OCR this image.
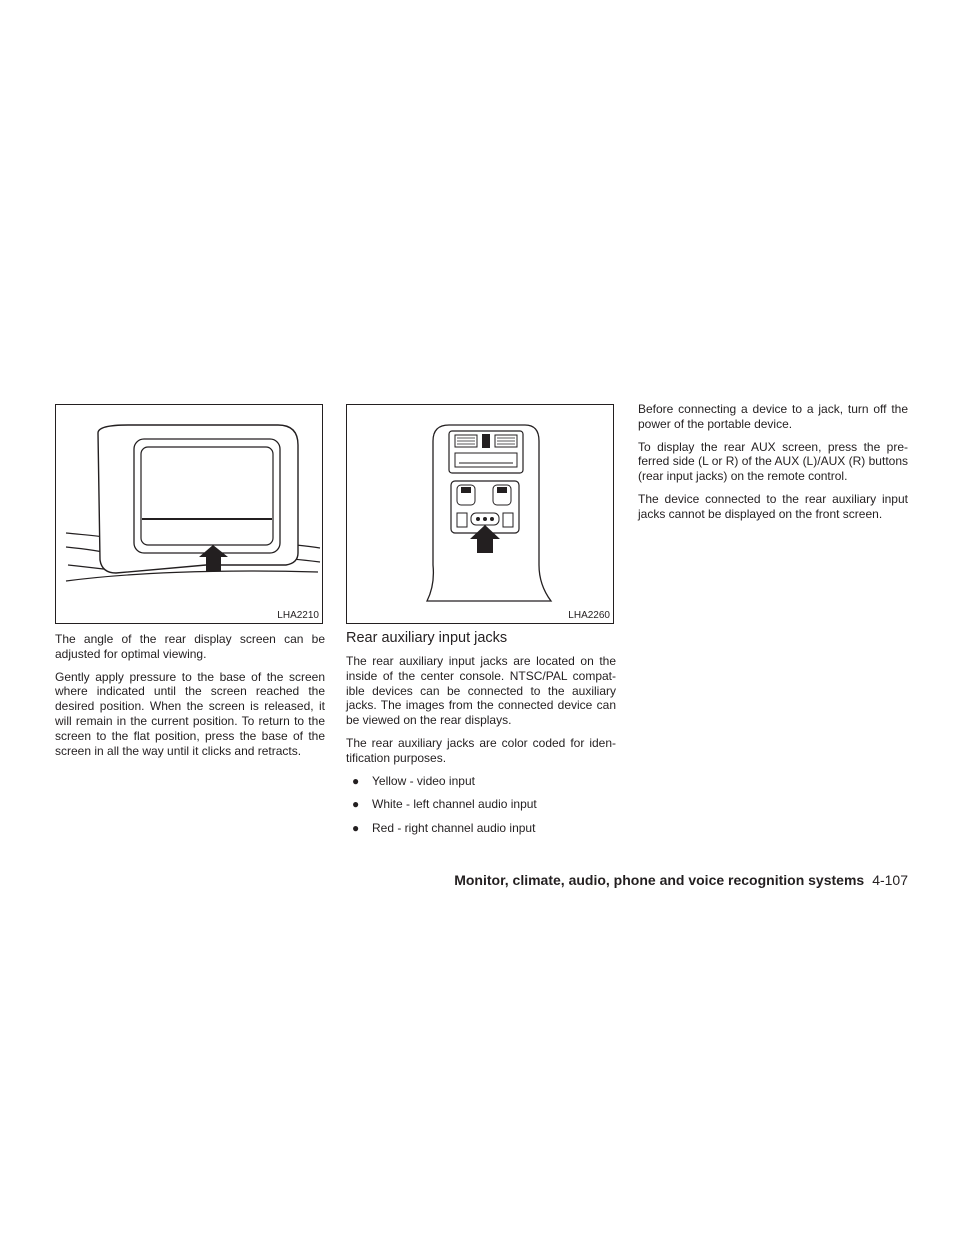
LHA2210

The angle of the rear display screen can be adjusted for optimal viewing.

Gently apply pressure to the base of the screen where indicated until the screen reached the desired position. When the screen is released, it will remain in the current position. To return to the screen to the flat position, press the base of the screen in all the way until it clicks and retracts.

LHA2260
Rear auxiliary input jacks

The rear auxiliary input jacks are located on the inside of the center console. NTSC/PAL compat-ible devices can be connected to the auxiliary jacks. The images from the connected device can be viewed on the rear displays.

The rear auxiliary jacks are color coded for iden-tification purposes.

● Yellow - video input
● White - left channel audio input
● Red - right channel audio input

Before connecting a device to a jack, turn off the power of the portable device.

To display the rear AUX screen, press the pre-ferred side (L or R) of the AUX (L)/AUX (R) buttons (rear input jacks) on the remote control.

The device connected to the rear auxiliary input jacks cannot be displayed on the front screen.

Monitor, climate, audio, phone and voice recognition systems 4-107
